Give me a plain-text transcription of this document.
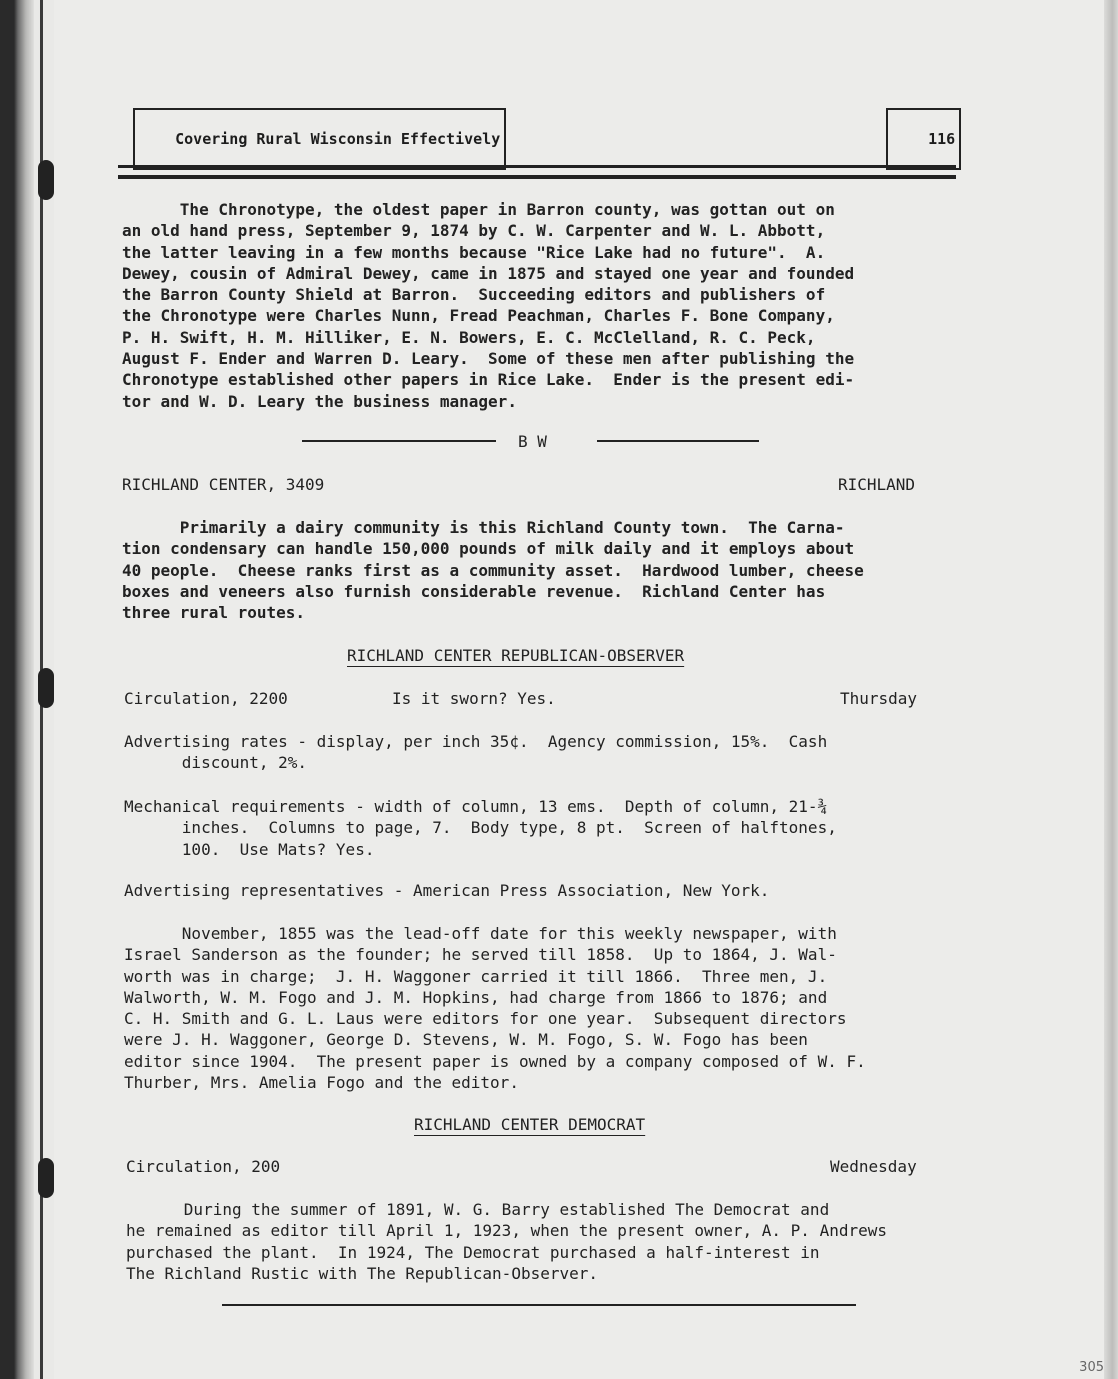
Covering Rural Wisconsin Effectively
	116

The Chronotype, the oldest paper in Barron county, was gottan out on
an old hand press, September 9, 1874 by C. W. Carpenter and W. L. Abbott,
the latter leaving in a few months because "Rice Lake had no future".  A.
Dewey, cousin of Admiral Dewey, came in 1875 and stayed one year and founded
the Barron County Shield at Barron.  Succeeding editors and publishers of
the Chronotype were Charles Nunn, Fread Peachman, Charles F. Bone Company,
P. H. Swift, H. M. Hilliker, E. N. Bowers, E. C. McClelland, R. C. Peck,
August F. Ender and Warren D. Leary.  Some of these men after publishing the
Chronotype established other papers in Rice Lake.  Ender is the present edi-
tor and W. D. Leary the business manager.
B W
RICHLAND CENTER, 3409	RICHLAND
Primarily a dairy community is this Richland County town.  The Carna-
tion condensary can handle 150,000 pounds of milk daily and it employs about
40 people.  Cheese ranks first as a community asset.  Hardwood lumber, cheese
boxes and veneers also furnish considerable revenue.  Richland Center has
three rural routes.
RICHLAND CENTER REPUBLICAN-OBSERVER
Circulation, 2200	Is it sworn? Yes.	Thursday
Advertising rates - display, per inch 35¢.  Agency commission, 15%.  Cash
discount, 2%.
Mechanical requirements - width of column, 13 ems.  Depth of column, 21-¾
inches.  Columns to page, 7.  Body type, 8 pt.  Screen of halftones,
100.  Use Mats? Yes.
Advertising representatives - American Press Association, New York.
November, 1855 was the lead-off date for this weekly newspaper, with
Israel Sanderson as the founder; he served till 1858.  Up to 1864, J. Wal-
worth was in charge;  J. H. Waggoner carried it till 1866.  Three men, J.
Walworth, W. M. Fogo and J. M. Hopkins, had charge from 1866 to 1876; and
C. H. Smith and G. L. Laus were editors for one year.  Subsequent directors
were J. H. Waggoner, George D. Stevens, W. M. Fogo, S. W. Fogo has been
editor since 1904.  The present paper is owned by a company composed of W. F.
Thurber, Mrs. Amelia Fogo and the editor.
RICHLAND CENTER DEMOCRAT
Circulation, 200	Wednesday
During the summer of 1891, W. G. Barry established The Democrat and
he remained as editor till April 1, 1923, when the present owner, A. P. Andrews
purchased the plant.  In 1924, The Democrat purchased a half-interest in
The Richland Rustic with The Republican-Observer.
305
